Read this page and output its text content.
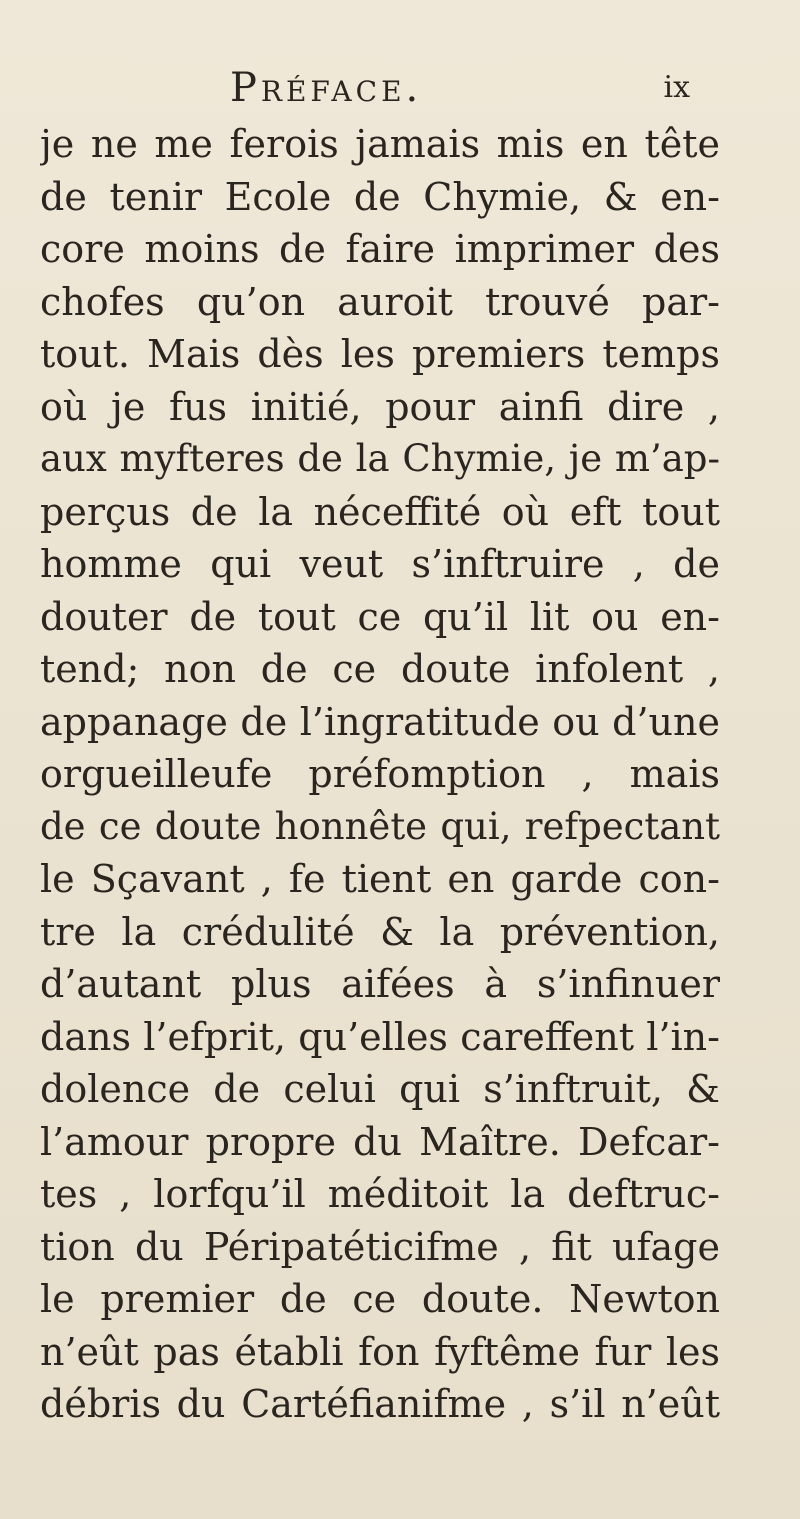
Préface.	ix
je ne me ferois jamais mis en tête
de tenir Ecole de Chymie, & en-
core moins de faire imprimer des
chofes qu’on auroit trouvé par-
tout. Mais dès les premiers temps
où je fus initié, pour ainfi dire ,
aux myfteres de la Chymie, je m’ap-
perçus de la néceffité où eft tout
homme qui veut s’inftruire , de
douter de tout ce qu’il lit ou en-
tend; non de ce doute infolent ,
appanage de l’ingratitude ou d’une
orgueilleufe préfomption , mais
de ce doute honnête qui, refpectant
le Sçavant , fe tient en garde con-
tre la crédulité & la prévention,
d’autant plus aifées à s’infinuer
dans l’efprit, qu’elles careffent l’in-
dolence de celui qui s’inftruit, &
l’amour propre du Maître. Defcar-
tes , lorfqu’il méditoit la deftruc-
tion du Péripatéticifme , fit ufage
le premier de ce doute. Newton
n’eût pas établi fon fyftême fur les
débris du Cartéfianifme , s’il n’eût
